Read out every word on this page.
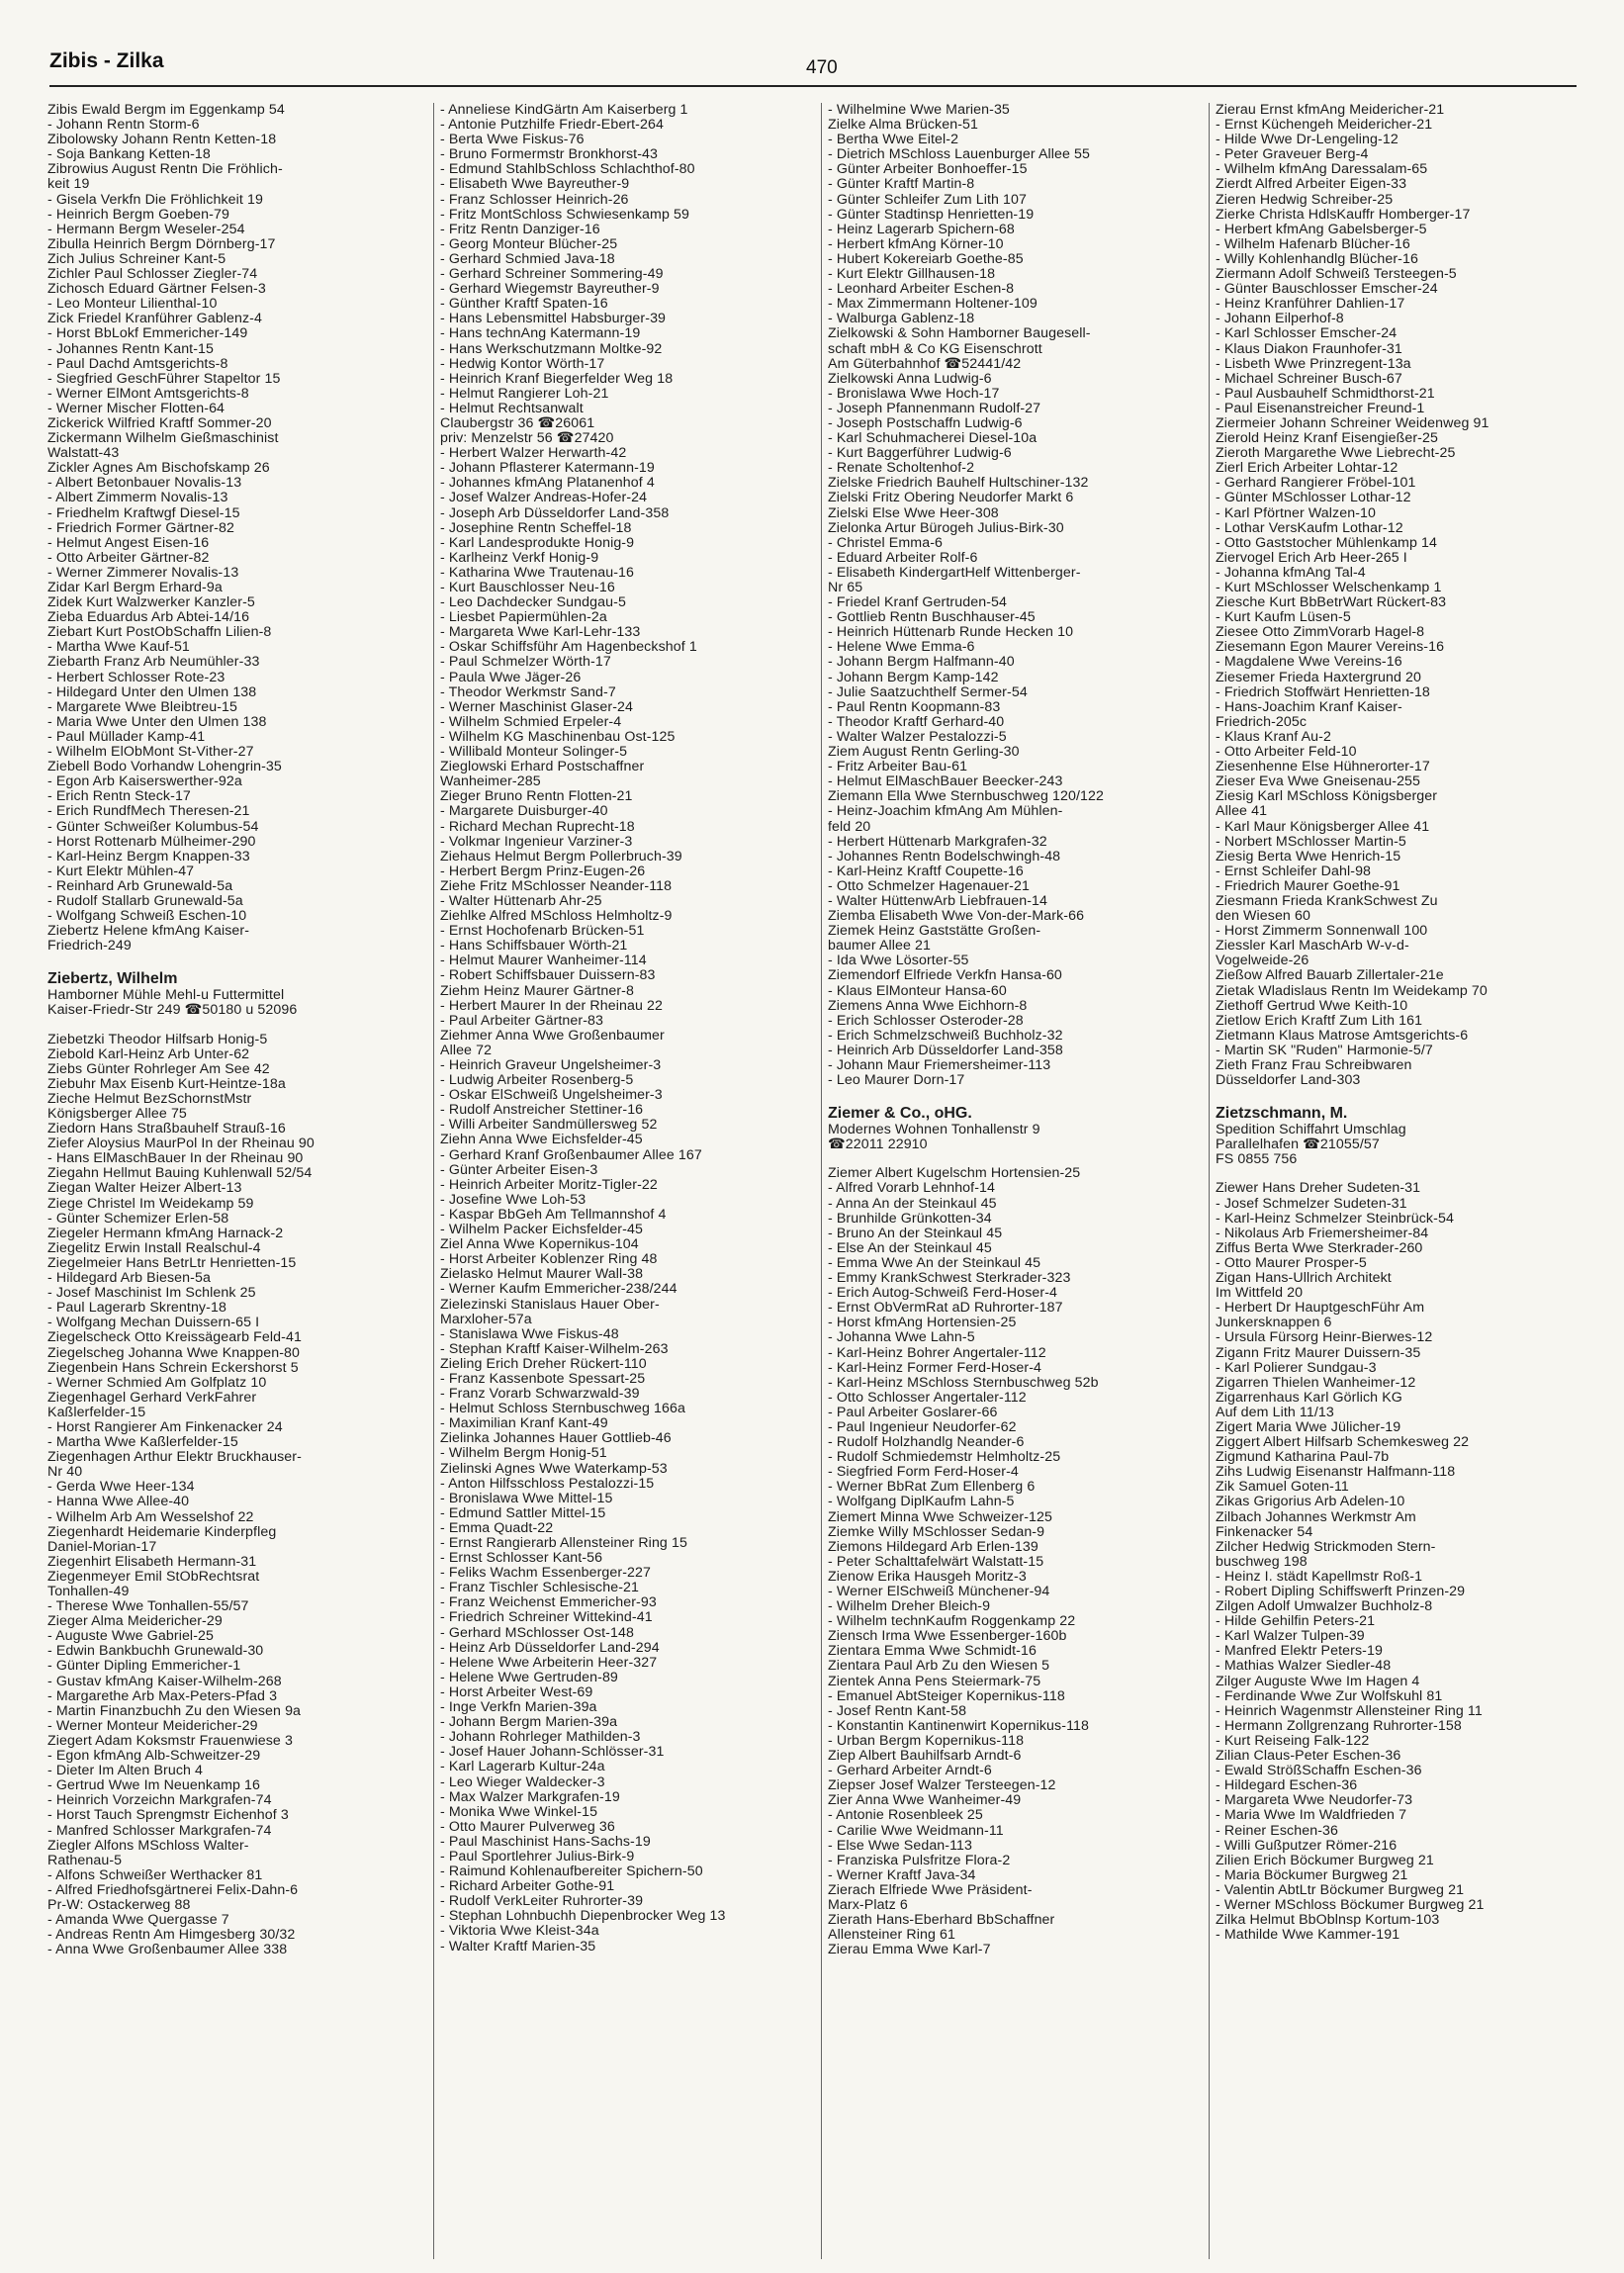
Zibis - Zilka	470
Zibis Ewald Bergm im Eggenkamp 54
- Johann Rentn Storm-6
Zibolowsky Johann Rentn Ketten-18
- Soja Bankang Ketten-18
Zibrowius August Rentn Die Fröhlich-
keit 19
- Gisela Verkfn Die Fröhlichkeit 19
- Heinrich Bergm Goeben-79
- Hermann Bergm Weseler-254
Zibulla Heinrich Bergm Dörnberg-17
Zich Julius Schreiner Kant-5
Zichler Paul Schlosser Ziegler-74
Zichosch Eduard Gärtner Felsen-3
- Leo Monteur Lilienthal-10
Zick Friedel Kranführer Gablenz-4
- Horst BbLokf Emmericher-149
- Johannes Rentn Kant-15
- Paul Dachd Amtsgerichts-8
- Siegfried GeschFührer Stapeltor 15
- Werner ElMont Amtsgerichts-8
- Werner Mischer Flotten-64
Zickerick Wilfried Kraftf Sommer-20
Zickermann Wilhelm Gießmaschinist
Walstatt-43
Zickler Agnes Am Bischofskamp 26
- Albert Betonbauer Novalis-13
- Albert Zimmerm Novalis-13
- Friedhelm Kraftwgf Diesel-15
- Friedrich Former Gärtner-82
- Helmut Angest Eisen-16
- Otto Arbeiter Gärtner-82
- Werner Zimmerer Novalis-13
Zidar Karl Bergm Erhard-9a
Zidek Kurt Walzwerker Kanzler-5
Zieba Eduardus Arb Abtei-14/16
Ziebart Kurt PostObSchaffn Lilien-8
- Martha Wwe Kauf-51
Ziebarth Franz Arb Neumühler-33
- Herbert Schlosser Rote-23
- Hildegard Unter den Ulmen 138
- Margarete Wwe Bleibtreu-15
- Maria Wwe Unter den Ulmen 138
- Paul Müllader Kamp-41
- Wilhelm ElObMont St-Vither-27
Ziebell Bodo Vorhandw Lohengrin-35
- Egon Arb Kaiserswerther-92a
- Erich Rentn Steck-17
- Erich RundfMech Theresen-21
- Günter Schweißer Kolumbus-54
- Horst Rottenarb Mülheimer-290
- Karl-Heinz Bergm Knappen-33
- Kurt Elektr Mühlen-47
- Reinhard Arb Grunewald-5a
- Rudolf Stallarb Grunewald-5a
- Wolfgang Schweiß Eschen-10
Ziebertz Helene kfmAng Kaiser-
Friedrich-249
Ziebertz, Wilhelm
Hamborner Mühle Mehl-u Futtermittel
Kaiser-Friedr-Str 249 ☎50180 u 52096
Ziebetzki Theodor Hilfsarb Honig-5
Ziebold Karl-Heinz Arb Unter-62
Ziebs Günter Rohrleger Am See 42
Ziebuhr Max Eisenb Kurt-Heintze-18a
Zieche Helmut BezSchornstMstr
Königsberger Allee 75
Ziedorn Hans Straßbauhelf Strauß-16
Ziefer Aloysius MaurPol In der Rheinau 90
- Hans ElMaschBauer In der Rheinau 90
Ziegahn Hellmut Bauing Kuhlenwall 52/54
Ziegan Walter Heizer Albert-13
Ziege Christel Im Weidekamp 59
- Günter Schemizer Erlen-58
Ziegeler Hermann kfmAng Harnack-2
Ziegelitz Erwin Install Realschul-4
Ziegelmeier Hans BetrLtr Henrietten-15
- Hildegard Arb Biesen-5a
- Josef Maschinist Im Schlenk 25
- Paul Lagerarb Skrentny-18
- Wolfgang Mechan Duissern-65 I
Ziegelscheck Otto Kreissägearb Feld-41
Ziegelscheg Johanna Wwe Knappen-80
Ziegenbein Hans Schrein Eckershorst 5
- Werner Schmied Am Golfplatz 10
Ziegenhagel Gerhard VerkFahrer
Kaßlerfelder-15
- Horst Rangierer Am Finkenacker 24
- Martha Wwe Kaßlerfelder-15
Ziegenhagen Arthur Elektr Bruckhauser-
Nr 40
- Gerda Wwe Heer-134
- Hanna Wwe Allee-40
- Wilhelm Arb Am Wesselshof 22
Ziegenhardt Heidemarie Kinderpfleg
Daniel-Morian-17
Ziegenhirt Elisabeth Hermann-31
Ziegenmeyer Emil StObRechtsrat
Tonhallen-49
- Therese Wwe Tonhallen-55/57
Zieger Alma Meidericher-29
- Auguste Wwe Gabriel-25
- Edwin Bankbuchh Grunewald-30
- Günter Dipling Emmericher-1
- Gustav kfmAng Kaiser-Wilhelm-268
- Margarethe Arb Max-Peters-Pfad 3
- Martin Finanzbuchh Zu den Wiesen 9a
- Werner Monteur Meidericher-29
Ziegert Adam Koksmstr Frauenwiese 3
- Egon kfmAng Alb-Schweitzer-29
- Dieter Im Alten Bruch 4
- Gertrud Wwe Im Neuenkamp 16
- Heinrich Vorzeichn Markgrafen-74
- Horst Tauch Sprengmstr Eichenhof 3
- Manfred Schlosser Markgrafen-74
Ziegler Alfons MSchloss Walter-
Rathenau-5
- Alfons Schweißer Werthacker 81
- Alfred Friedhofsgärtnerei Felix-Dahn-6
Pr-W: Ostackerweg 88
- Amanda Wwe Quergasse 7
- Andreas Rentn Am Himgesberg 30/32
- Anna Wwe Großenbaumer Allee 338
- Anneliese KindGärtn Am Kaiserberg 1
- Antonie Putzhilfe Friedr-Ebert-264
- Berta Wwe Fiskus-76
- Bruno Formermstr Bronkhorst-43
- Edmund StahlbSchloss Schlachthof-80
- Elisabeth Wwe Bayreuther-9
- Franz Schlosser Heinrich-26
- Fritz MontSchloss Schwiesenkamp 59
- Fritz Rentn Danziger-16
- Georg Monteur Blücher-25
- Gerhard Schmied Java-18
- Gerhard Schreiner Sommering-49
- Gerhard Wiegemstr Bayreuther-9
- Günther Kraftf Spaten-16
- Hans Lebensmittel Habsburger-39
- Hans technAng Katermann-19
- Hans Werkschutzmann Moltke-92
- Hedwig Kontor Wörth-17
- Heinrich Kranf Biegerfelder Weg 18
- Helmut Rangierer Loh-21
- Helmut Rechtsanwalt
Claubergstr 36 ☎26061
priv: Menzelstr 56 ☎27420
- Herbert Walzer Herwarth-42
- Johann Pflasterer Katermann-19
- Johannes kfmAng Platanenhof 4
- Josef Walzer Andreas-Hofer-24
- Joseph Arb Düsseldorfer Land-358
- Josephine Rentn Scheffel-18
- Karl Landesprodukte Honig-9
- Karlheinz Verkf Honig-9
- Katharina Wwe Trautenau-16
- Kurt Bauschlosser Neu-16
- Leo Dachdecker Sundgau-5
- Liesbet Papiermühlen-2a
- Margareta Wwe Karl-Lehr-133
- Oskar Schiffsführ Am Hagenbeckshof 1
- Paul Schmelzer Wörth-17
- Paula Wwe Jäger-26
- Theodor Werkmstr Sand-7
- Werner Maschinist Glaser-24
- Wilhelm Schmied Erpeler-4
- Wilhelm KG Maschinenbau Ost-125
- Willibald Monteur Solinger-5
Zieglowski Erhard Postschaffner
Wanheimer-285
Zieger Bruno Rentn Flotten-21
- Margarete Duisburger-40
- Richard Mechan Ruprecht-18
- Volkmar Ingenieur Varziner-3
Ziehaus Helmut Bergm Pollerbruch-39
- Herbert Bergm Prinz-Eugen-26
Ziehe Fritz MSchlosser Neander-118
- Walter Hüttenarb Ahr-25
Ziehlke Alfred MSchloss Helmholtz-9
- Ernst Hochofenarb Brücken-51
- Hans Schiffsbauer Wörth-21
- Helmut Maurer Wanheimer-114
- Robert Schiffsbauer Duissern-83
Ziehm Heinz Maurer Gärtner-8
- Herbert Maurer In der Rheinau 22
- Paul Arbeiter Gärtner-83
Ziehmer Anna Wwe Großenbaumer
Allee 72
- Heinrich Graveur Ungelsheimer-3
- Ludwig Arbeiter Rosenberg-5
- Oskar ElSchweiß Ungelsheimer-3
- Rudolf Anstreicher Stettiner-16
- Willi Arbeiter Sandmüllersweg 52
Ziehn Anna Wwe Eichsfelder-45
- Gerhard Kranf Großenbaumer Allee 167
- Günter Arbeiter Eisen-3
- Heinrich Arbeiter Moritz-Tigler-22
- Josefine Wwe Loh-53
- Kaspar BbGeh Am Tellmannshof 4
- Wilhelm Packer Eichsfelder-45
Ziel Anna Wwe Kopernikus-104
- Horst Arbeiter Koblenzer Ring 48
Zielasko Helmut Maurer Wall-38
- Werner Kaufm Emmericher-238/244
Zielezinski Stanislaus Hauer Ober-
Marxloher-57a
- Stanislawa Wwe Fiskus-48
- Stephan Kraftf Kaiser-Wilhelm-263
Zieling Erich Dreher Rückert-110
- Franz Kassenbote Spessart-25
- Franz Vorarb Schwarzwald-39
- Helmut Schloss Sternbuschweg 166a
- Maximilian Kranf Kant-49
Zielinka Johannes Hauer Gottlieb-46
- Wilhelm Bergm Honig-51
Zielinski Agnes Wwe Waterkamp-53
- Anton Hilfsschloss Pestalozzi-15
- Bronislawa Wwe Mittel-15
- Edmund Sattler Mittel-15
- Emma Quadt-22
- Ernst Rangierarb Allensteiner Ring 15
- Ernst Schlosser Kant-56
- Feliks Wachm Essenberger-227
- Franz Tischler Schlesische-21
- Franz Weichenst Emmericher-93
- Friedrich Schreiner Wittekind-41
- Gerhard MSchlosser Ost-148
- Heinz Arb Düsseldorfer Land-294
- Helene Wwe Arbeiterin Heer-327
- Helene Wwe Gertruden-89
- Horst Arbeiter West-69
- Inge Verkfn Marien-39a
- Johann Bergm Marien-39a
- Johann Rohrleger Mathilden-3
- Josef Hauer Johann-Schlösser-31
- Karl Lagerarb Kultur-24a
- Leo Wieger Waldecker-3
- Max Walzer Markgrafen-19
- Monika Wwe Winkel-15
- Otto Maurer Pulverweg 36
- Paul Maschinist Hans-Sachs-19
- Paul Sportlehrer Julius-Birk-9
- Raimund Kohlenaufbereiter Spichern-50
- Richard Arbeiter Gothe-91
- Rudolf VerkLeiter Ruhrorter-39
- Stephan Lohnbuchh Diepenbrocker Weg 13
- Viktoria Wwe Kleist-34a
- Walter Kraftf Marien-35
- Wilhelmine Wwe Marien-35
Zielke Alma Brücken-51
- Bertha Wwe Eitel-2
- Dietrich MSchloss Lauenburger Allee 55
- Günter Arbeiter Bonhoeffer-15
- Günter Kraftf Martin-8
- Günter Schleifer Zum Lith 107
- Günter Stadtinsp Henrietten-19
- Heinz Lagerarb Spichern-68
- Herbert kfmAng Körner-10
- Hubert Kokereiarb Goethe-85
- Kurt Elektr Gillhausen-18
- Leonhard Arbeiter Eschen-8
- Max Zimmermann Holtener-109
- Walburga Gablenz-18
Zielkowski & Sohn Hamborner Baugesell-
schaft mbH & Co KG Eisenschrott
Am Güterbahnhof ☎52441/42
Zielkowski Anna Ludwig-6
- Bronislawa Wwe Hoch-17
- Joseph Pfannenmann Rudolf-27
- Joseph Postschaffn Ludwig-6
- Karl Schuhmacherei Diesel-10a
- Kurt Baggerführer Ludwig-6
- Renate Scholtenhof-2
Zielske Friedrich Bauhelf Hultschiner-132
Zielski Fritz Obering Neudorfer Markt 6
Zielski Else Wwe Heer-308
Zielonka Artur Bürogeh Julius-Birk-30
- Christel Emma-6
- Eduard Arbeiter Rolf-6
- Elisabeth KindergartHelf Wittenberger-
Nr 65
- Friedel Kranf Gertruden-54
- Gottlieb Rentn Buschhauser-45
- Heinrich Hüttenarb Runde Hecken 10
- Helene Wwe Emma-6
- Johann Bergm Halfmann-40
- Johann Bergm Kamp-142
- Julie Saatzuchthelf Sermer-54
- Paul Rentn Koopmann-83
- Theodor Kraftf Gerhard-40
- Walter Walzer Pestalozzi-5
Ziem August Rentn Gerling-30
- Fritz Arbeiter Bau-61
- Helmut ElMaschBauer Beecker-243
Ziemann Ella Wwe Sternbuschweg 120/122
- Heinz-Joachim kfmAng Am Mühlen-
feld 20
- Herbert Hüttenarb Markgrafen-32
- Johannes Rentn Bodelschwingh-48
- Karl-Heinz Kraftf Coupette-16
- Otto Schmelzer Hagenauer-21
- Walter HüttenwArb Liebfrauen-14
Ziemba Elisabeth Wwe Von-der-Mark-66
Ziemek Heinz Gaststätte Großen-
baumer Allee 21
- Ida Wwe Lösorter-55
Ziemendorf Elfriede Verkfn Hansa-60
- Klaus ElMonteur Hansa-60
Ziemens Anna Wwe Eichhorn-8
- Erich Schlosser Osteroder-28
- Erich Schmelzschweiß Buchholz-32
- Heinrich Arb Düsseldorfer Land-358
- Johann Maur Friemersheimer-113
- Leo Maurer Dorn-17
Ziemer & Co., oHG.
Modernes Wohnen Tonhallenstr 9
☎22011 22910
Ziemer Albert Kugelschm Hortensien-25
- Alfred Vorarb Lehnhof-14
- Anna An der Steinkaul 45
- Brunhilde Grünkotten-34
- Bruno An der Steinkaul 45
- Else An der Steinkaul 45
- Emma Wwe An der Steinkaul 45
- Emmy KrankSchwest Sterkrader-323
- Erich Autog-Schweiß Ferd-Hoser-4
- Ernst ObVermRat aD Ruhrorter-187
- Horst kfmAng Hortensien-25
- Johanna Wwe Lahn-5
- Karl-Heinz Bohrer Angertaler-112
- Karl-Heinz Former Ferd-Hoser-4
- Karl-Heinz MSchloss Sternbuschweg 52b
- Otto Schlosser Angertaler-112
- Paul Arbeiter Goslarer-66
- Paul Ingenieur Neudorfer-62
- Rudolf Holzhandlg Neander-6
- Rudolf Schmiedemstr Helmholtz-25
- Siegfried Form Ferd-Hoser-4
- Werner BbRat Zum Ellenberg 6
- Wolfgang DiplKaufm Lahn-5
Ziemert Minna Wwe Schweizer-125
Ziemke Willy MSchlosser Sedan-9
Ziemons Hildegard Arb Erlen-139
- Peter Schalttafelwärt Walstatt-15
Zienow Erika Hausgeh Moritz-3
- Werner ElSchweiß Münchener-94
- Wilhelm Dreher Bleich-9
- Wilhelm technKaufm Roggenkamp 22
Ziensch Irma Wwe Essenberger-160b
Zientara Emma Wwe Schmidt-16
Zientara Paul Arb Zu den Wiesen 5
Zientek Anna Pens Steiermark-75
- Emanuel AbtSteiger Kopernikus-118
- Josef Rentn Kant-58
- Konstantin Kantinenwirt Kopernikus-118
- Urban Bergm Kopernikus-118
Ziep Albert Bauhilfsarb Arndt-6
- Gerhard Arbeiter Arndt-6
Ziepser Josef Walzer Tersteegen-12
Zier Anna Wwe Wanheimer-49
- Antonie Rosenbleek 25
- Carilie Wwe Weidmann-11
- Else Wwe Sedan-113
- Franziska Pulsfritze Flora-2
- Werner Kraftf Java-34
Zierach Elfriede Wwe Präsident-
Marx-Platz 6
Zierath Hans-Eberhard BbSchaffner
Allensteiner Ring 61
Zierau Emma Wwe Karl-7
Zierau Ernst kfmAng Meidericher-21
- Ernst Küchengeh Meidericher-21
- Hilde Wwe Dr-Lengeling-12
- Peter Graveuer Berg-4
- Wilhelm kfmAng Daressalam-65
Zierdt Alfred Arbeiter Eigen-33
Zieren Hedwig Schreiber-25
Zierke Christa HdlsKauffr Homberger-17
- Herbert kfmAng Gabelsberger-5
- Wilhelm Hafenarb Blücher-16
- Willy Kohlenhandlg Blücher-16
Ziermann Adolf Schweiß Tersteegen-5
- Günter Bauschlosser Emscher-24
- Heinz Kranführer Dahlien-17
- Johann Eilperhof-8
- Karl Schlosser Emscher-24
- Klaus Diakon Fraunhofer-31
- Lisbeth Wwe Prinzregent-13a
- Michael Schreiner Busch-67
- Paul Ausbauhelf Schmidthorst-21
- Paul Eisenanstreicher Freund-1
Ziermeier Johann Schreiner Weidenweg 91
Zierold Heinz Kranf Eisengießer-25
Zieroth Margarethe Wwe Liebrecht-25
Zierl Erich Arbeiter Lohtar-12
- Gerhard Rangierer Fröbel-101
- Günter MSchlosser Lothar-12
- Karl Pförtner Walzen-10
- Lothar VersKaufm Lothar-12
- Otto Gaststocher Mühlenkamp 14
Ziervogel Erich Arb Heer-265 I
- Johanna kfmAng Tal-4
- Kurt MSchlosser Welschenkamp 1
Ziesche Kurt BbBetrWart Rückert-83
- Kurt Kaufm Lüsen-5
Zieseе Otto ZimmVorarb Hagel-8
Ziesemann Egon Maurer Vereins-16
- Magdalene Wwe Vereins-16
Ziesemer Frieda Haxtergrund 20
- Friedrich Stoffwärt Henrietten-18
- Hans-Joachim Kranf Kaiser-
Friedrich-205c
- Klaus Kranf Au-2
- Otto Arbeiter Feld-10
Ziesenhenne Else Hühnerorter-17
Zieser Eva Wwe Gneisenau-255
Ziesig Karl MSchloss Königsberger
Allee 41
- Karl Maur Königsberger Allee 41
- Norbert MSchlosser Martin-5
Ziesig Berta Wwe Henrich-15
- Ernst Schleifer Dahl-98
- Friedrich Maurer Goethe-91
Ziesmann Frieda KrankSchwest Zu
den Wiesen 60
- Horst Zimmerm Sonnenwall 100
Ziessler Karl MaschArb W-v-d-
Vogelweide-26
Zießow Alfred Bauarb Zillertaler-21e
Zietak Wladislaus Rentn Im Weidekamp 70
Ziethoff Gertrud Wwe Keith-10
Zietlow Erich Kraftf Zum Lith 161
Zietmann Klaus Matrose Amtsgerichts-6
- Martin SK "Ruden" Harmonie-5/7
Zieth Franz Frau Schreibwaren
Düsseldorfer Land-303
Zietzschmann, M.
Spedition Schiffahrt Umschlag
Parallelhafen ☎21055/57
FS 0855 756
Ziewer Hans Dreher Sudeten-31
- Josef Schmelzer Sudeten-31
- Karl-Heinz Schmelzer Steinbrück-54
- Nikolaus Arb Friemersheimer-84
Ziffus Berta Wwe Sterkrader-260
- Otto Maurer Prosper-5
Zigan Hans-Ullrich Architekt
Im Wittfeld 20
- Herbert Dr HauptgeschFühr Am
Junkersknappen 6
- Ursula Fürsorg Heinr-Bierwes-12
Zigann Fritz Maurer Duissern-35
- Karl Polierer Sundgau-3
Zigarren Thielen Wanheimer-12
Zigarrenhaus Karl Görlich KG
Auf dem Lith 11/13
Zigert Maria Wwe Jülicher-19
Ziggert Albert Hilfsarb Schemkesweg 22
Zigmund Katharina Paul-7b
Zihs Ludwig Eisenanstr Halfmann-118
Zik Samuel Goten-11
Zikas Grigorius Arb Adelen-10
Zilbach Johannes Werkmstr Am
Finkenacker 54
Zilcher Hedwig Strickmoden Stern-
buschweg 198
- Heinz I. städt Kapellmstr Roß-1
- Robert Dipling Schiffswerft Prinzen-29
Zilgen Adolf Umwalzer Buchholz-8
- Hilde Gehilfin Peters-21
- Karl Walzer Tulpen-39
- Manfred Elektr Peters-19
- Mathias Walzer Siedler-48
Zilger Auguste Wwe Im Hagen 4
- Ferdinande Wwe Zur Wolfskuhl 81
- Heinrich Wagenmstr Allensteiner Ring 11
- Hermann Zollgrenzang Ruhrorter-158
- Kurt Reiseing Falk-122
Zilian Claus-Peter Eschen-36
- Ewald StrößSchaffn Eschen-36
- Hildegard Eschen-36
- Margareta Wwe Neudorfer-73
- Maria Wwe Im Waldfrieden 7
- Reiner Eschen-36
- Willi Gußputzer Römer-216
Zilien Erich Böckumer Burgweg 21
- Maria Böckumer Burgweg 21
- Valentin AbtLtr Böckumer Burgweg 21
- Werner MSchloss Böckumer Burgweg 21
Zilka Helmut BbOblnsp Kortum-103
- Mathilde Wwe Kammer-191
